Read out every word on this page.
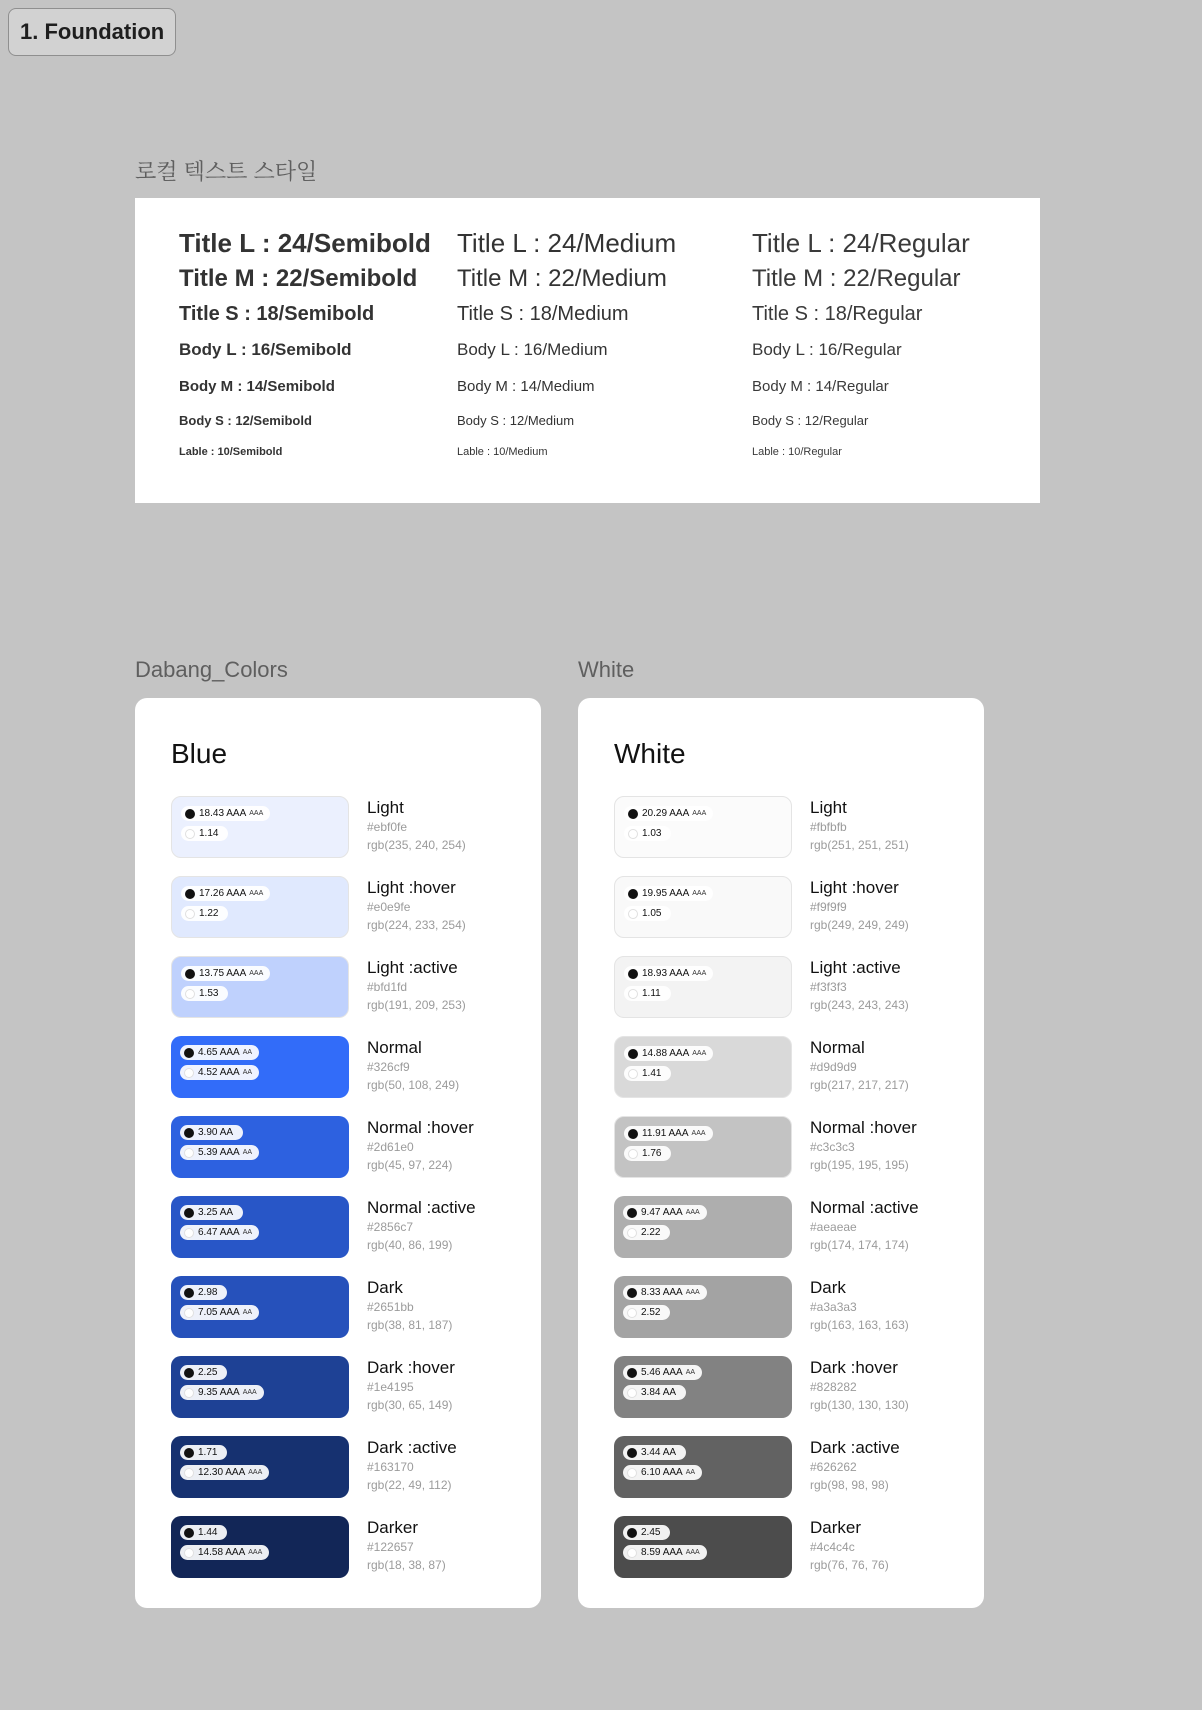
1. Foundation
로컬 텍스트 스타일
Title L : 24/Semibold
Title M : 22/Semibold
Title S : 18/Semibold
Body L : 16/Semibold
Body M : 14/Semibold
Body S : 12/Semibold
Lable : 10/Semibold
Title L : 24/Medium
Title M : 22/Medium
Title S : 18/Medium
Body L : 16/Medium
Body M : 14/Medium
Body S : 12/Medium
Lable : 10/Medium
Title L : 24/Regular
Title M : 22/Regular
Title S : 18/Regular
Body L : 16/Regular
Body M : 14/Regular
Body S : 12/Regular
Lable : 10/Regular
Dabang_Colors	White
Blue
18.43 AAA AAA
1.14
Light
#ebf0fe
rgb(235, 240, 254)
17.26 AAA AAA
1.22
Light :hover
#e0e9fe
rgb(224, 233, 254)
13.75 AAA AAA
1.53
Light :active
#bfd1fd
rgb(191, 209, 253)
4.65 AAA AA
4.52 AAA AA
Normal
#326cf9
rgb(50, 108, 249)
3.90 AA
5.39 AAA AA
Normal :hover
#2d61e0
rgb(45, 97, 224)
3.25 AA
6.47 AAA AA
Normal :active
#2856c7
rgb(40, 86, 199)
2.98
7.05 AAA AA
Dark
#2651bb
rgb(38, 81, 187)
2.25
9.35 AAA AAA
Dark :hover
#1e4195
rgb(30, 65, 149)
1.71
12.30 AAA AAA
Dark :active
#163170
rgb(22, 49, 112)
1.44
14.58 AAA AAA
Darker
#122657
rgb(18, 38, 87)
White
20.29 AAA AAA
1.03
Light
#fbfbfb
rgb(251, 251, 251)
19.95 AAA AAA
1.05
Light :hover
#f9f9f9
rgb(249, 249, 249)
18.93 AAA AAA
1.11
Light :active
#f3f3f3
rgb(243, 243, 243)
14.88 AAA AAA
1.41
Normal
#d9d9d9
rgb(217, 217, 217)
11.91 AAA AAA
1.76
Normal :hover
#c3c3c3
rgb(195, 195, 195)
9.47 AAA AAA
2.22
Normal :active
#aeaeae
rgb(174, 174, 174)
8.33 AAA AAA
2.52
Dark
#a3a3a3
rgb(163, 163, 163)
5.46 AAA AA
3.84 AA
Dark :hover
#828282
rgb(130, 130, 130)
3.44 AA
6.10 AAA AA
Dark :active
#626262
rgb(98, 98, 98)
2.45
8.59 AAA AAA
Darker
#4c4c4c
rgb(76, 76, 76)
